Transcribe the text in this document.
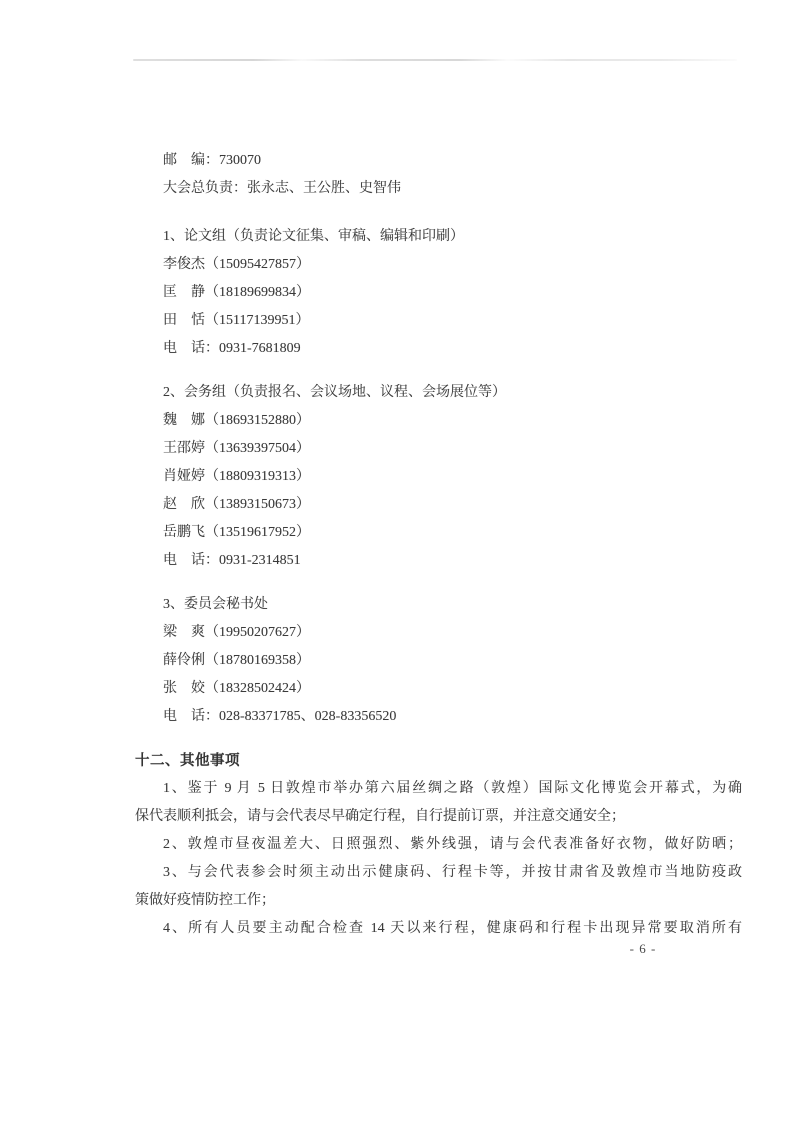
邮　编：730070
大会总负责：张永志、王公胜、史智伟
1、论文组（负责论文征集、审稿、编辑和印刷）
李俊杰（15095427857）
匡　静（18189699834）
田　恬（15117139951）
电　话：0931-7681809
2、会务组（负责报名、会议场地、议程、会场展位等）
魏　娜（18693152880）
王邵婷（13639397504）
肖娅婷（18809319313）
赵　欣（13893150673）
岳鹏飞（13519617952）
电　话：0931-2314851
3、委员会秘书处
梁　爽（19950207627）
薛伶俐（18780169358）
张　姣（18328502424）
电　话：028-83371785、028-83356520
十二、其他事项
1、鉴于 9 月 5 日敦煌市举办第六届丝绸之路（敦煌）国际文化博览会开幕式，为确
保代表顺利抵会，请与会代表尽早确定行程，自行提前订票，并注意交通安全；
2、敦煌市昼夜温差大、日照强烈、紫外线强，请与会代表准备好衣物，做好防晒；
3、与会代表参会时须主动出示健康码、行程卡等，并按甘肃省及敦煌市当地防疫政
策做好疫情防控工作；
4、所有人员要主动配合检查 14 天以来行程，健康码和行程卡出现异常要取消所有
- 6 -
